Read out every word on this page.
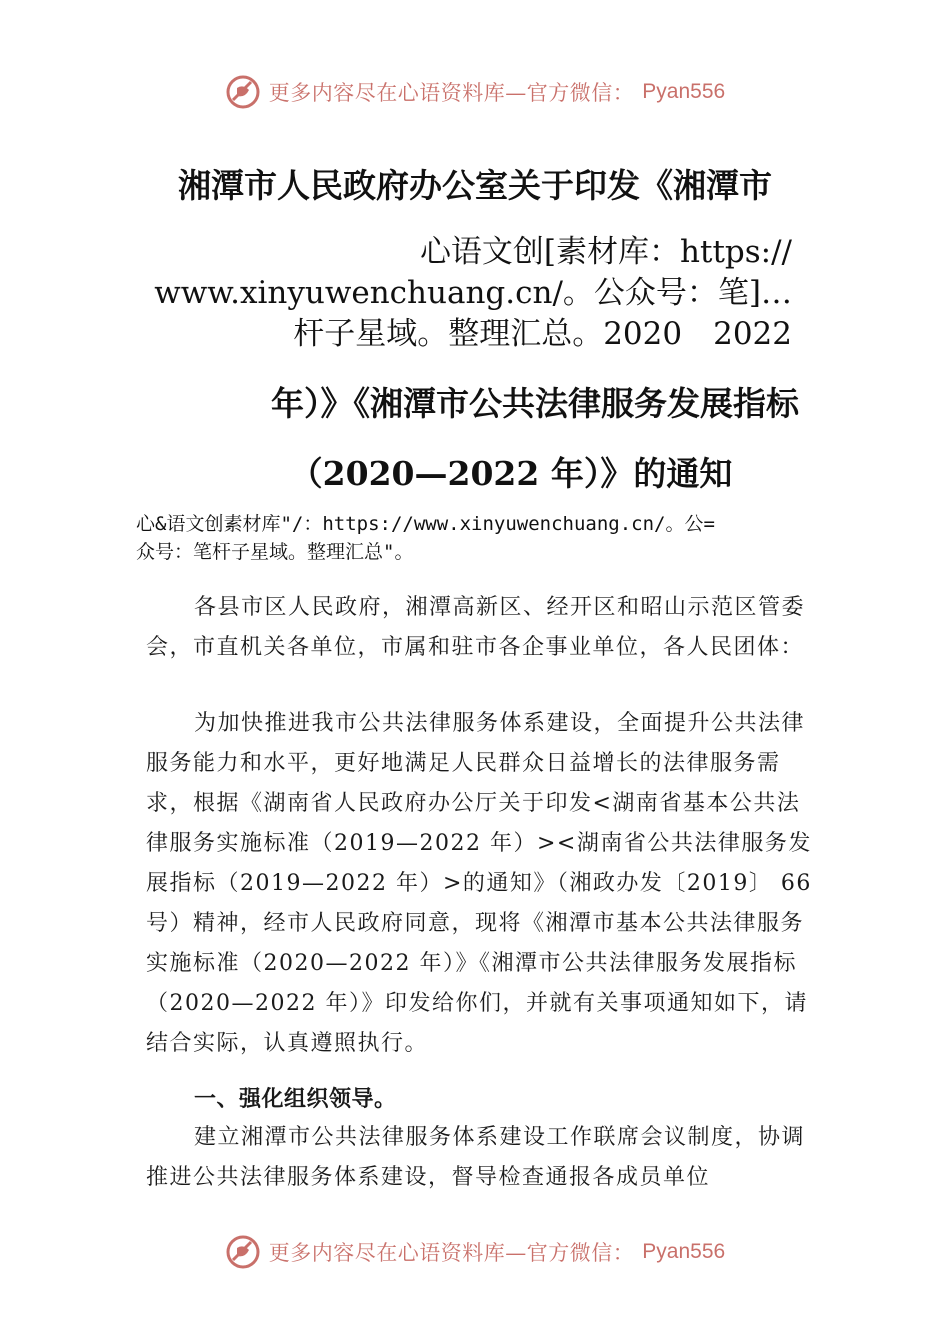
更多内容尽在心语资料库—官方微信： Pyan556
湘潭市人民政府办公室关于印发《湘潭市
心语文创[素材库：https://
www.xinyuwenchuang.cn/。公众号：笔]…
杆子星域。整理汇总。2020　2022
年）》《湘潭市公共法律服务发展指标
（2020—2022 年）》的通知
心&语文创素材库"/：https://www.xinyuwenchuang.cn/。公=
众号：笔杆子星域。整理汇总"。

各县市区人民政府，湘潭高新区、经开区和昭山示范区管委会，市直机关各单位，市属和驻市各企事业单位，各人民团体：

为加快推进我市公共法律服务体系建设，全面提升公共法律服务能力和水平，更好地满足人民群众日益增长的法律服务需求，根据《湖南省人民政府办公厅关于印发<湖南省基本公共法律服务实施标准（2019—2022 年）><湖南省公共法律服务发展指标（2019—2022 年）>的通知》（湘政办发〔2019〕 66 号）精神，经市人民政府同意，现将《湘潭市基本公共法律服务实施标准（2020—2022 年）》《湘潭市公共法律服务发展指标（2020—2022 年）》印发给你们，并就有关事项通知如下，请结合实际，认真遵照执行。

一、强化组织领导。

建立湘潭市公共法律服务体系建设工作联席会议制度，协调推进公共法律服务体系建设，督导检查通报各成员单位

更多内容尽在心语资料库—官方微信： Pyan556
